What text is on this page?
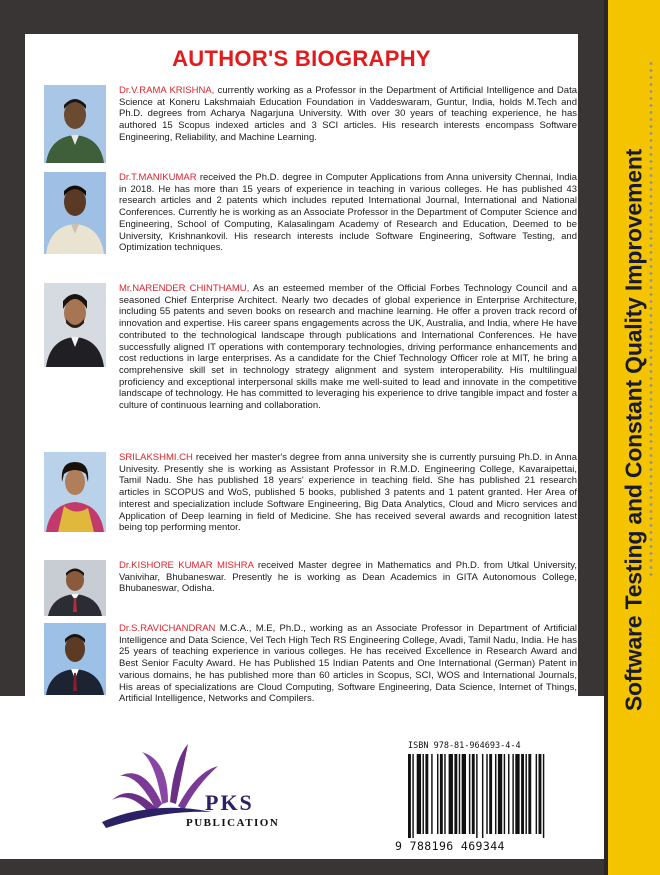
Software Testing and Constant Quality Improvement
AUTHOR'S BIOGRAPHY
Dr.V.RAMA KRISHNA, currently working as a Professor in the Department of Artificial Intelligence and Data Science at Koneru Lakshmaiah Education Foundation in Vaddeswaram, Guntur, India, holds M.Tech and Ph.D. degrees from Acharya Nagarjuna University. With over 30 years of teaching experience, he has authored 15 Scopus indexed articles and 3 SCI articles. His research interests encompass Software Engineering, Reliability, and Machine Learning.
Dr.T.MANIKUMAR received the Ph.D. degree in Computer Applications from Anna university Chennai, India in 2018. He has more than 15 years of experience in teaching in various colleges. He has published 43 research articles and 2 patents which includes reputed International Journal, International and National Conferences. Currently he is working as an Associate Professor in the Department of Computer Science and Engineering, School of Computing, Kalasalingam Academy of Research and Education, Deemed to be University, Krishnankovil. His research interests include Software Engineering, Software Testing, and Optimization techniques.
Mr.NARENDER CHINTHAMU, As an esteemed member of the Official Forbes Technology Council and a seasoned Chief Enterprise Architect. Nearly two decades of global experience in Enterprise Architecture, including 55 patents and seven books on research and machine learning. He offer a proven track record of innovation and expertise. His career spans engagements across the UK, Australia, and India, where He have contributed to the technological landscape through publications and International Conferences. He have successfully aligned IT operations with contemporary technologies, driving performance enhancements and cost reductions in large enterprises. As a candidate for the Chief Technology Officer role at MIT, he bring a comprehensive skill set in technology strategy alignment and system interoperability. His multilingual proficiency and exceptional interpersonal skills make me well-suited to lead and innovate in the competitive landscape of technology. He has committed to leveraging his experience to drive tangible impact and foster a culture of continuous learning and collaboration.
SRILAKSHMI.CH received her master's degree from anna university she is currently pursuing Ph.D. in Anna Univesity. Presently she is working as Assistant Professor in R.M.D. Engineering College, Kavaraipettai, Tamil Nadu. She has published 18 years' experience in teaching field. She has published 21 research articles in SCOPUS and WoS, published 5 books, published 3 patents and 1 patent granted. Her Area of interest and specialization include Software Engineering, Big Data Analytics, Cloud and Micro services and Application of Deep learning in field of Medicine. She has received several awards and recognition latest being top performing mentor.
Dr.KISHORE KUMAR MISHRA received Master degree in Mathematics and Ph.D. from Utkal University, Vanivihar, Bhubaneswar. Presently he is working as Dean Academics in GITA Autonomous College, Bhubaneswar, Odisha.
Dr.S.RAVICHANDRAN M.C.A., M.E, Ph.D., working as an Associate Professor in Department of Artificial Intelligence and Data Science, Vel Tech High Tech RS Engineering College, Avadi, Tamil Nadu, India. He has 25 years of teaching experience in various colleges. He has received Excellence in Research Award and Best Senior Faculty Award. He has Published 15 Indian Patents and One International (German) Patent in various domains, he has published more than 60 articles in Scopus, SCI, WOS and International Journals, His areas of specializations are Cloud Computing, Software Engineering, Data Science, Internet of Things, Artificial Intelligence, Networks and Compilers.
PKS
PUBLICATION
ISBN 978-81-964693-4-4
9 788196 469344
